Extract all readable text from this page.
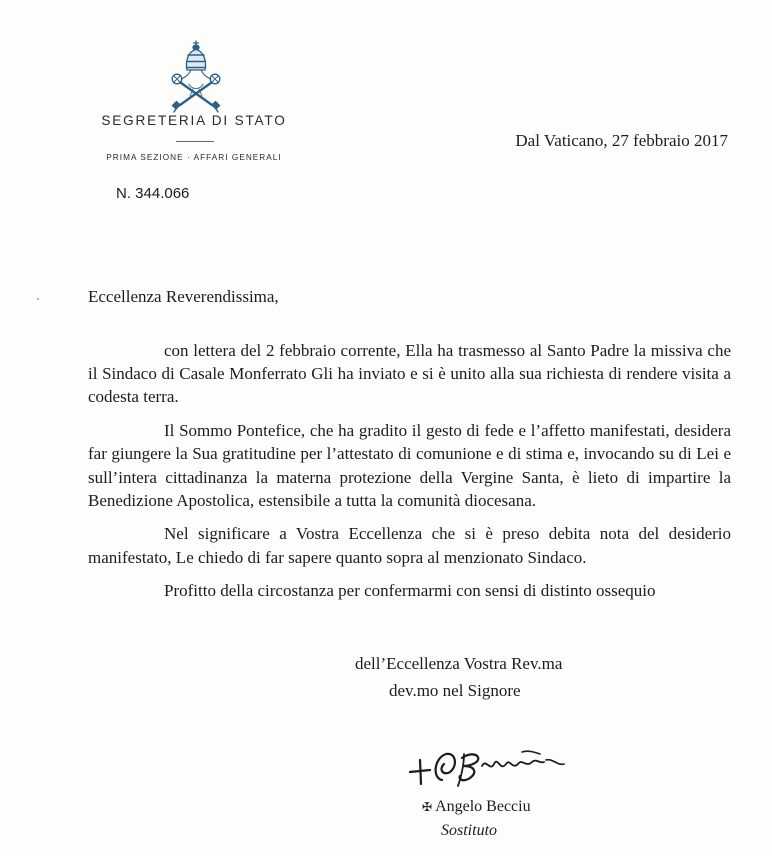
SEGRETERIA DI STATO
PRIMA SEZIONE · AFFARI GENERALI
Dal Vaticano, 27 febbraio 2017
N. 344.066
Eccellenza Reverendissima,

con lettera del 2 febbraio corrente, Ella ha trasmesso al Santo Padre la missiva che il Sindaco di Casale Monferrato Gli ha inviato e si è unito alla sua richiesta di rendere visita a codesta terra.

Il Sommo Pontefice, che ha gradito il gesto di fede e l’affetto manifestati, desidera far giungere la Sua gratitudine per l’attestato di comunione e di stima e, invocando su di Lei e sull’intera cittadinanza la materna protezione della Vergine Santa, è lieto di impartire la Benedizione Apostolica, estensibile a tutta la comunità diocesana.

Nel significare a Vostra Eccellenza che si è preso debita nota del desiderio manifestato, Le chiedo di far sapere quanto sopra al menzionato Sindaco.

Profitto della circostanza per confermarmi con sensi di distinto ossequio

dell’Eccellenza Vostra Rev.ma
dev.mo nel Signore
✠ Angelo Becciu
Sostituto
